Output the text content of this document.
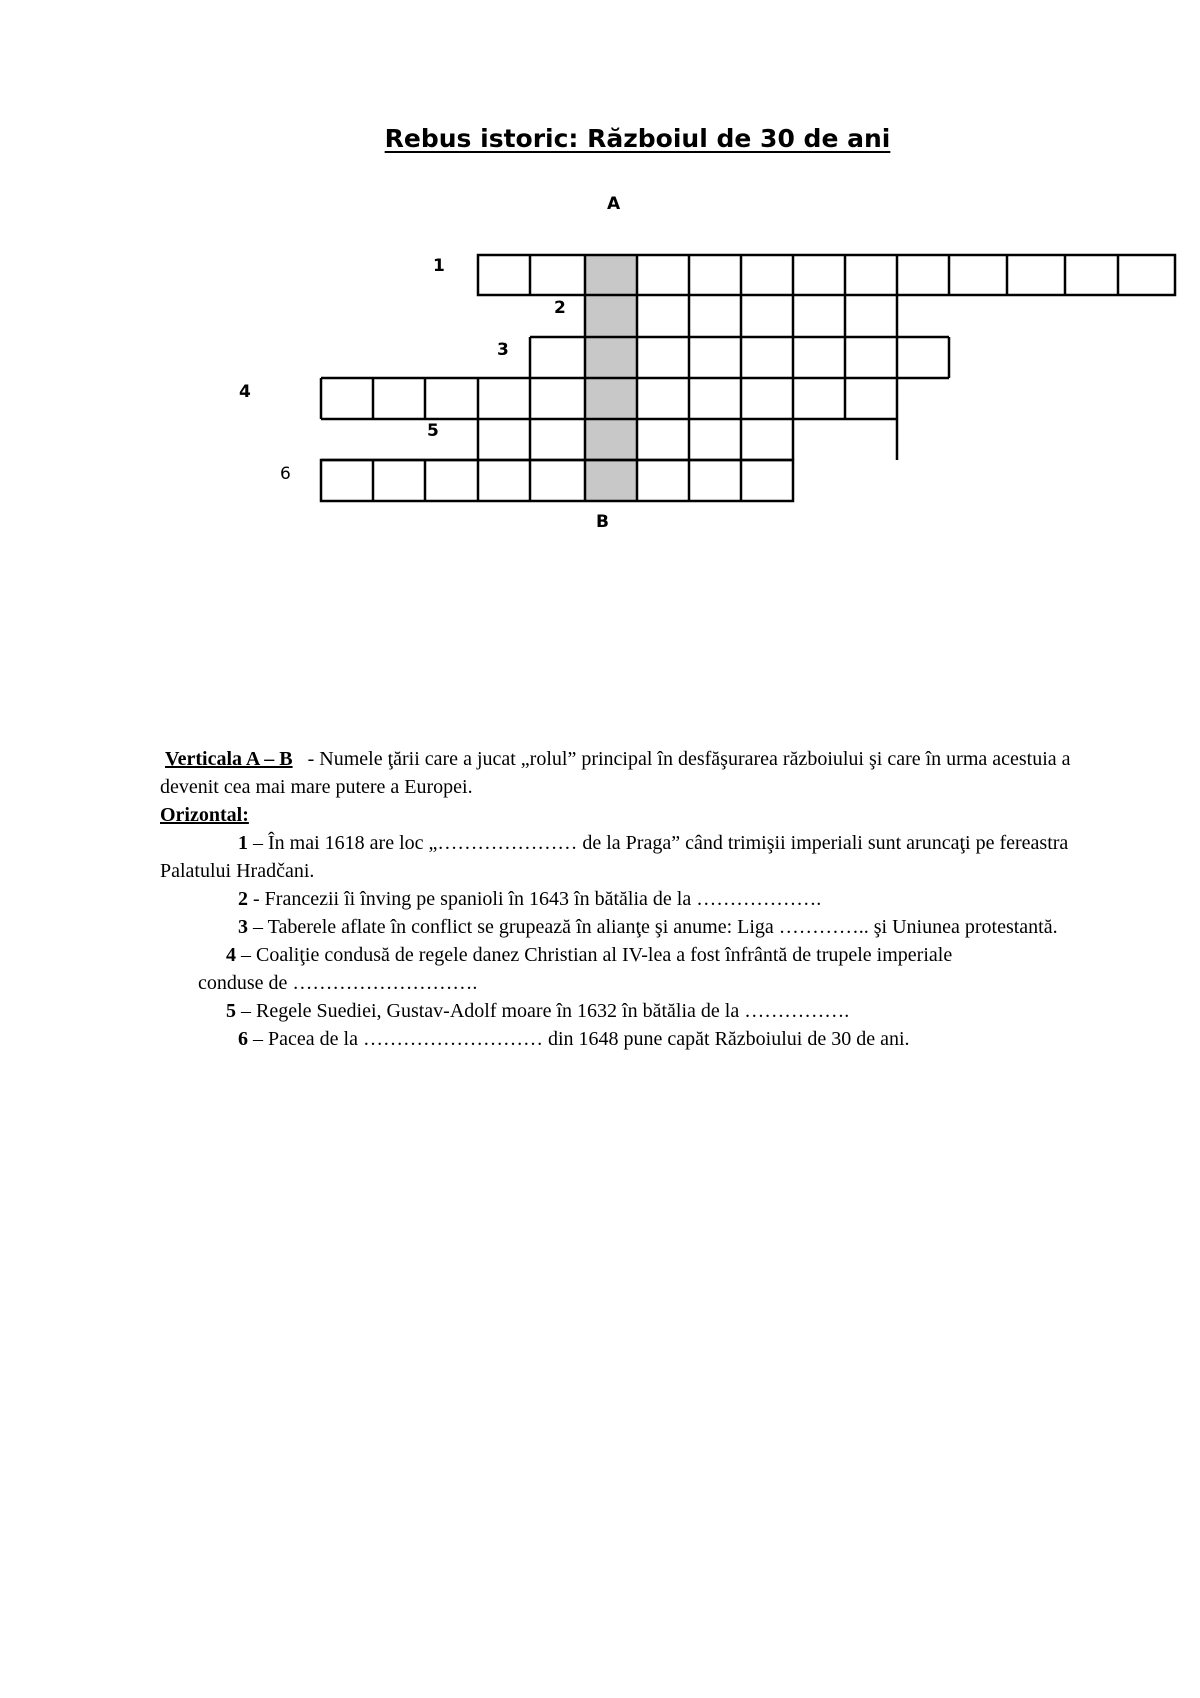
Rebus istoric: Războiul de 30 de ani
A
B
1
2
3
4
5
6

Verticala A – B - Numele ţării care a jucat „rolul” principal în desfăşurarea războiului şi care în urma acestuia a devenit cea mai mare putere a Europei.

Orizontal:

1 – În mai 1618 are loc „………………… de la Praga” când trimişii imperiali sunt aruncaţi pe fereastra Palatului Hradčani.

2 - Francezii îi înving pe spanioli în 1643 în bătălia de la ……………….

3 – Taberele aflate în conflict se grupează în alianţe şi anume: Liga ………….. şi Uniunea protestantă.

4 – Coaliţie condusă de regele danez Christian al IV-lea a fost înfrântă de trupele imperiale

conduse de ……………………….

5 – Regele Suediei, Gustav-Adolf moare în 1632 în bătălia de la …………….

6 – Pacea de la ……………………… din 1648 pune capăt Războiului de 30 de ani.
